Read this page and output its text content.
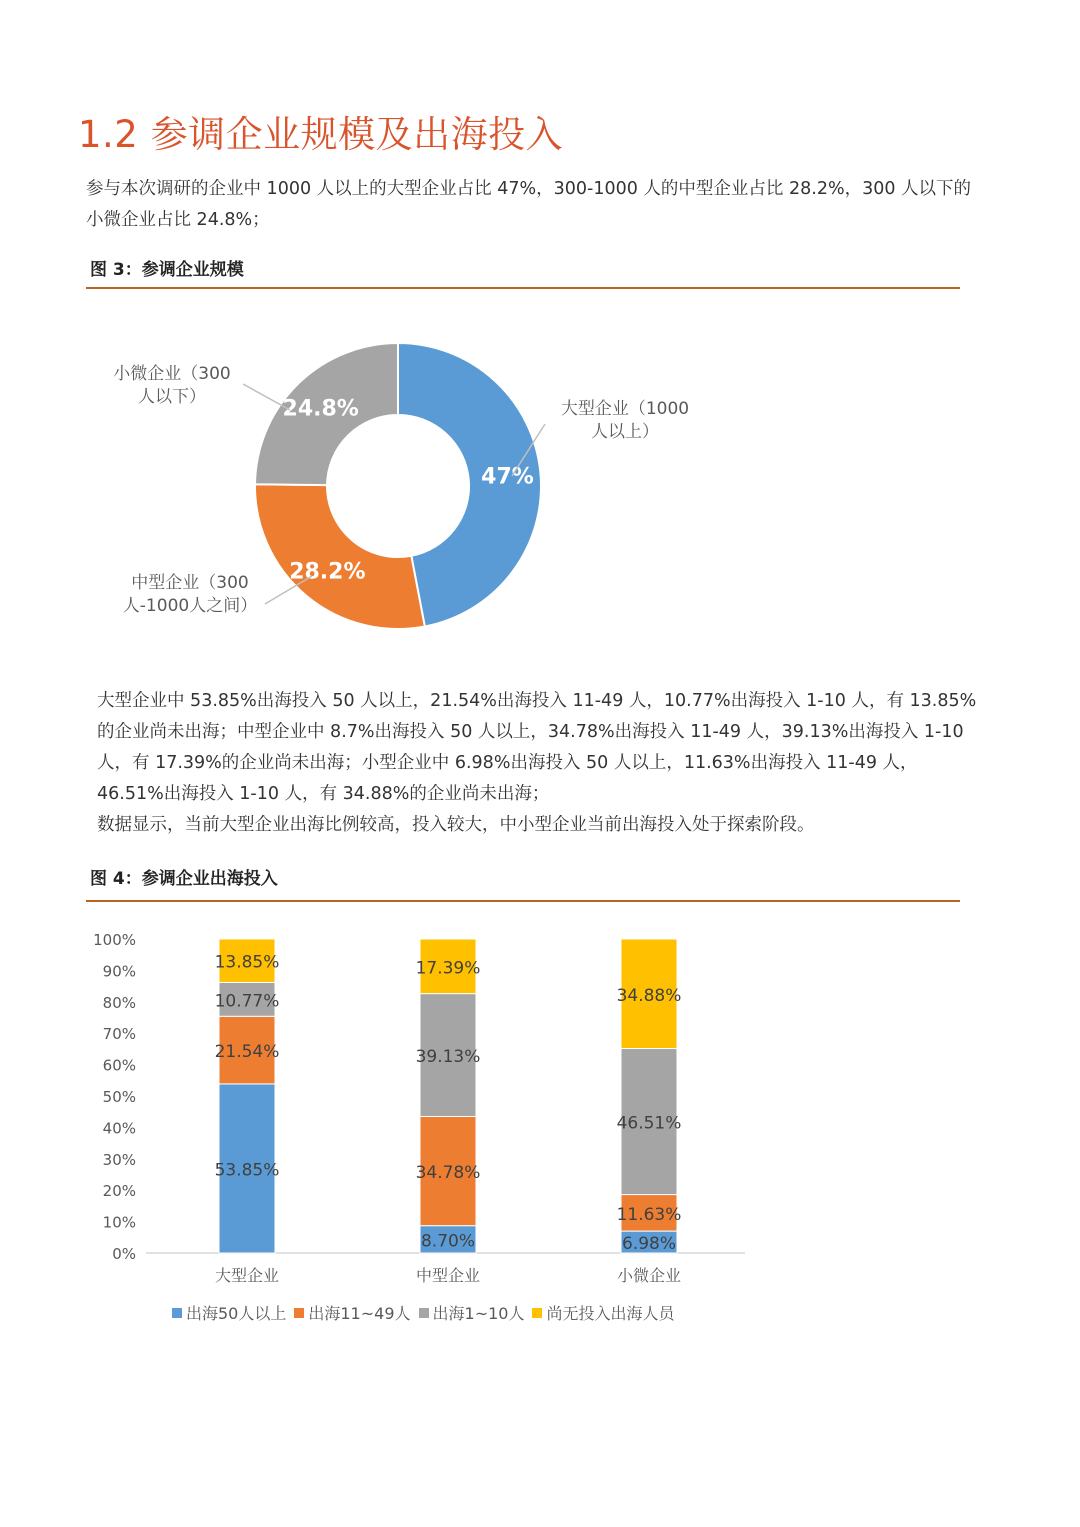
1.2 参调企业规模及出海投入

参与本次调研的企业中 1000 人以上的大型企业占比 47%，300-1000 人的中型企业占比 28.2%，300 人以下的小微企业占比 24.8%；

图 3：参调企业规模

47%
大型企业（1000
人以上）
28.2%
中型企业（300
人-1000人之间）
24.8%
小微企业（300
人以下）
大型企业中 53.85%出海投入 50 人以上，21.54%出海投入 11-49 人，10.77%出海投入 1-10 人，有 13.85%的企业尚未出海；中型企业中 8.7%出海投入 50 人以上，34.78%出海投入 11-49 人，39.13%出海投入 1-10 人，有 17.39%的企业尚未出海；小型企业中 6.98%出海投入 50 人以上，11.63%出海投入 11-49 人，46.51%出海投入 1-10 人，有 34.88%的企业尚未出海；
数据显示，当前大型企业出海比例较高，投入较大，中小型企业当前出海投入处于探索阶段。

图 4：参调企业出海投入

0%
10%
20%
30%
40%
50%
60%
70%
80%
90%
100%
53.85%
21.54%
10.77%
13.85%
大型企业
8.70%
34.78%
39.13%
17.39%
中型企业
6.98%
11.63%
46.51%
34.88%
小微企业
出海50人以上 出海11~49人 出海1~10人 尚无投入出海人员
